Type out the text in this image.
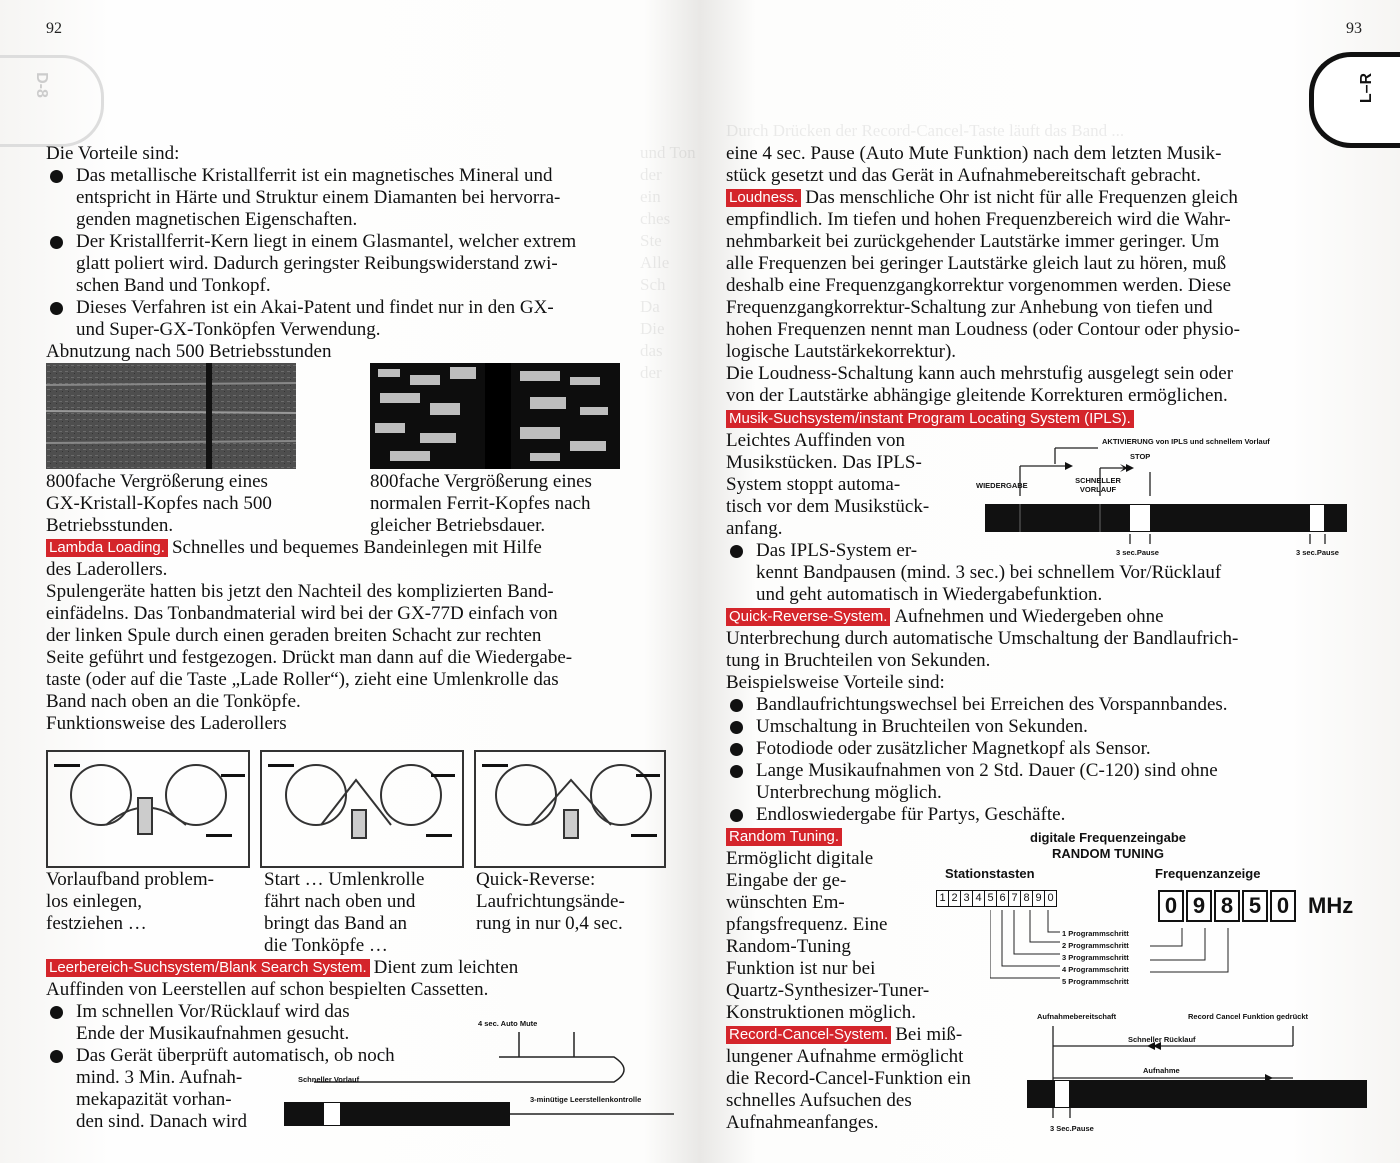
92
D-8
und Ton
der
ein
ches
Ste
Alle
Sch
Da
Die
das
der
Die Vorteile sind:
Das metallische Kristallferrit ist ein magnetisches Mineral und
entspricht in Härte und Struktur einem Diamanten bei hervorra-
genden magnetischen Eigenschaften.
Der Kristallferrit-Kern liegt in einem Glasmantel, welcher extrem
glatt poliert wird. Dadurch geringster Reibungswiderstand zwi-
schen Band und Tonkopf.
Dieses Verfahren ist ein Akai-Patent und findet nur in den GX-
und Super-GX-Tonköpfen Verwendung.
Abnutzung nach 500 Betriebsstunden
800fache Vergrößerung eines
GX-Kristall-Kopfes nach 500
Betriebsstunden.
800fache Vergrößerung eines
normalen Ferrit-Kopfes nach
gleicher Betriebsdauer.
Lambda Loading. Schnelles und bequemes Bandeinlegen mit Hilfe
des Laderollers.
Spulengeräte hatten bis jetzt den Nachteil des komplizierten Band-
einfädelns. Das Tonbandmaterial wird bei der GX-77D einfach von
der linken Spule durch einen geraden breiten Schacht zur rechten
Seite geführt und festgezogen. Drückt man dann auf die Wiedergabe-
taste (oder auf die Taste „Lade Roller“), zieht eine Umlenkrolle das
Band nach oben an die Tonköpfe.
Funktionsweise des Laderollers
Vorlaufband problem-
los einlegen,
festziehen …
Start … Umlenkrolle
fährt nach oben und
bringt das Band an
die Tonköpfe …
Quick-Reverse:
Laufrichtungsände-
rung in nur 0,4 sec.
Leerbereich-Suchsystem/Blank Search System. Dient zum leichten
Auffinden von Leerstellen auf schon bespielten Cassetten.
Im schnellen Vor/Rücklauf wird das
Ende der Musikaufnahmen gesucht.
Das Gerät überprüft automatisch, ob noch
mind. 3 Min. Aufnah-
mekapazität vorhan-
den sind. Danach wird
4 sec. Auto Mute
Schneller Vorlauf
3-minütige Leerstellenkontrolle
93
L–R
Durch Drücken der Record-Cancel-Taste läuft das Band ...
eine 4 sec. Pause (Auto Mute Funktion) nach dem letzten Musik-
stück gesetzt und das Gerät in Aufnahmebereitschaft gebracht.
Loudness. Das menschliche Ohr ist nicht für alle Frequenzen gleich
empfindlich. Im tiefen und hohen Frequenzbereich wird die Wahr-
nehmbarkeit bei zurückgehender Lautstärke immer geringer. Um
alle Frequenzen bei geringer Lautstärke gleich laut zu hören, muß
deshalb eine Frequenzgangkorrektur vorgenommen werden. Diese
Frequenzgangkorrektur-Schaltung zur Anhebung von tiefen und
hohen Frequenzen nennt man Loudness (oder Contour oder physio-
logische Lautstärkekorrektur).
Die Loudness-Schaltung kann auch mehrstufig ausgelegt sein oder
von der Lautstärke abhängige gleitende Korrekturen ermöglichen.
Musik-Suchsystem/instant Program Locating System (IPLS).
Leichtes Auffinden von
Musikstücken. Das IPLS-
System stoppt automa-
tisch vor dem Musikstück-
anfang.
Das IPLS-System er-
kennt Bandpausen (mind. 3 sec.) bei schnellem Vor/Rücklauf
und geht automatisch in Wiedergabefunktion.
AKTIVIERUNG von IPLS und schnellem Vorlauf
STOP
WIEDERGABE
SCHNELLER VORLAUF
3 sec.Pause	3 sec.Pause
Quick-Reverse-System. Aufnehmen und Wiedergeben ohne
Unterbrechung durch automatische Umschaltung der Bandlaufrich-
tung in Bruchteilen von Sekunden.
Beispielsweise Vorteile sind:
Bandlaufrichtungswechsel bei Erreichen des Vorspannbandes.
Umschaltung in Bruchteilen von Sekunden.
Fotodiode oder zusätzlicher Magnetkopf als Sensor.
Lange Musikaufnahmen von 2 Std. Dauer (C-120) sind ohne
Unterbrechung möglich.
Endloswiedergabe für Partys, Geschäfte.
Random Tuning.
Ermöglicht digitale
Eingabe der ge-
wünschten Em-
pfangsfrequenz. Eine
Random-Tuning
Funktion ist nur bei
Quartz-Synthesizer-Tuner-
Konstruktionen möglich.
digitale Frequenzeingabe
RANDOM TUNING
Stationstasten	Frequenzanzeige
1 2 3 4 5 6 7 8 9 0	0 9 8 5 0 MHz
1 Programmschritt
2 Programmschritt
3 Programmschritt
4 Programmschritt
5 Programmschritt
Record-Cancel-System. Bei miß-
lungener Aufnahme ermöglicht
die Record-Cancel-Funktion ein
schnelles Aufsuchen des
Aufnahmeanfanges.
Aufnahmebereitschaft	Record Cancel Funktion gedrückt
Schneller Rücklauf
Aufnahme
3 Sec.Pause
